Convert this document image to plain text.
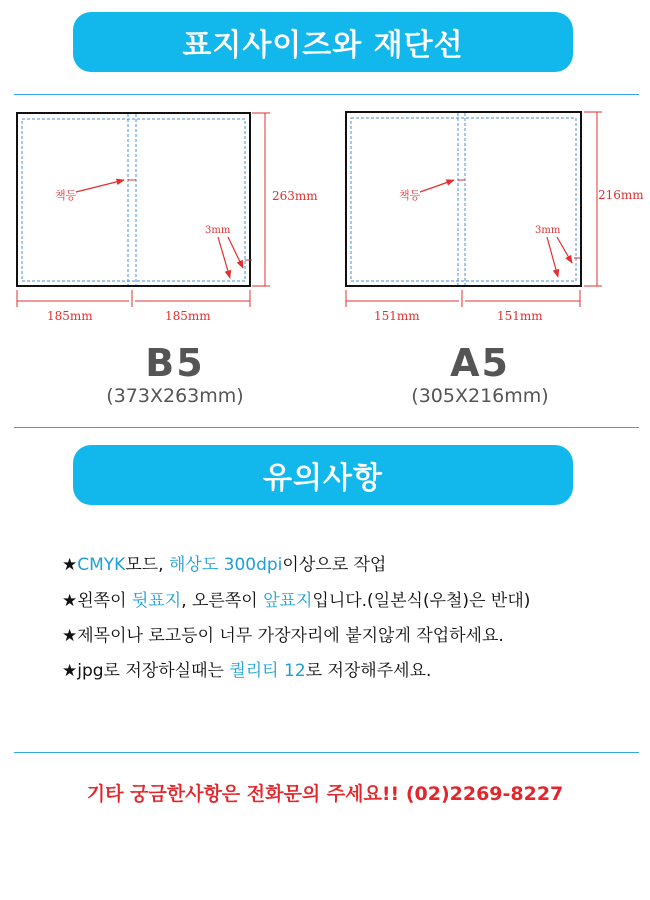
표지사이즈와 재단선
책등
3mm
263mm
185mm	185mm
책등
3mm
216mm
151mm	151mm
B5
(373X263mm)
A5
(305X216mm)
유의사항
★CMYK모드, 해상도 300dpi이상으로 작업
★왼쪽이 뒷표지, 오른쪽이 앞표지입니다.(일본식(우철)은 반대)
★제목이나 로고등이 너무 가장자리에 붙지않게 작업하세요.
★jpg로 저장하실때는 퀄리티 12로 저장해주세요.
기타 궁금한사항은 전화문의 주세요!! (02)2269-8227
